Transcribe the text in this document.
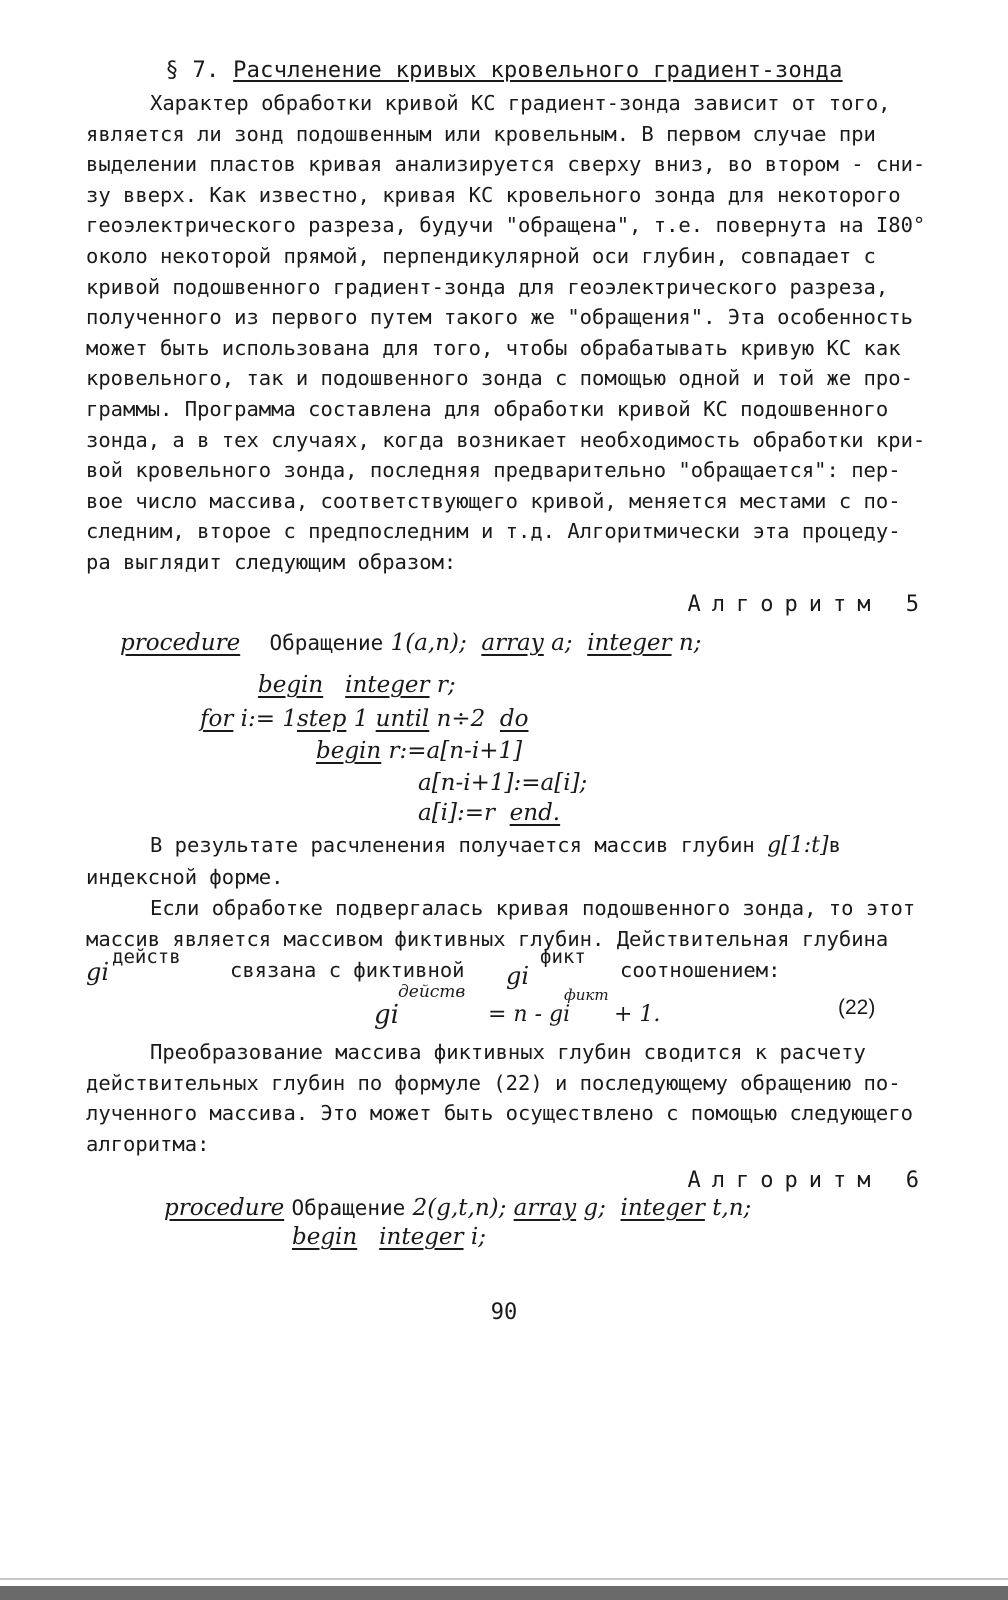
§ 7. Расчленение кривых кровельного градиент-зонда
Характер обработки кривой КС градиент-зонда зависит от того,
является ли зонд подошвенным или кровельным. В первом случае при
выделении пластов кривая анализируется сверху вниз, во втором - сни-
зу вверх. Как известно, кривая КС кровельного зонда для некоторого
геоэлектрического разреза, будучи "обращена", т.е. повернута на I80°
около некоторой прямой, перпендикулярной оси глубин, совпадает с
кривой подошвенного градиент-зонда для геоэлектрического разреза,
полученного из первого путем такого же "обращения". Эта особенность
может быть использована для того, чтобы обрабатывать кривую КС как
кровельного, так и подошвенного зонда с помощью одной и той же про-
граммы. Программа составлена для обработки кривой КС подошвенного
зонда, а в тех случаях, когда возникает необходимость обработки кри-
вой кровельного зонда, последняя предварительно "обращается": пер-
вое число массива, соответствующего кривой, меняется местами с по-
следним, второе с предпоследним и т.д. Алгоритмически эта процеду-
ра выглядит следующим образом:
Алгоритм 5
procedure Обращение 1(a,n); array a; integer n;
begin integer r;
for i:= 1step 1 until n÷2 do
begin r:=a[n-i+1]
a[n-i+1]:=a[i];
a[i]:=r end.
В результате расчленения получается массив глубин g[1:t]в
индексной форме.
Если обработке подвергалась кривая подошвенного зонда, то этот
массив является массивом фиктивных глубин. Действительная глубина
gi
действ
связана с фиктивной gi
фикт
соотношением:
gi
действ
= n - gi
фикт
+ 1.	(22)
Преобразование массива фиктивных глубин сводится к расчету
действительных глубин по формуле (22) и последующему обращению по-
лученного массива. Это может быть осуществлено с помощью следующего
алгоритма:
Алгоритм 6
procedure Обращение 2(g,t,n); array g; integer t,n;
begin integer i;
90
